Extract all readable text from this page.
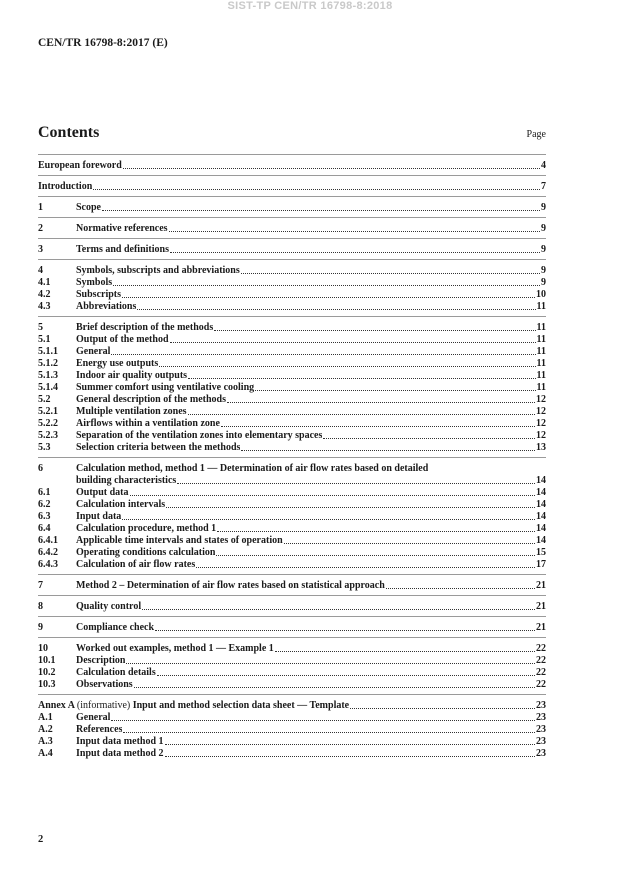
SIST-TP CEN/TR 16798-8:2018
CEN/TR 16798-8:2017 (E)
Contents	Page
European foreword	4
Introduction	7
1	Scope	9
2	Normative references	9
3	Terms and definitions	9
4	Symbols, subscripts and abbreviations	9
4.1	Symbols	9
4.2	Subscripts	10
4.3	Abbreviations	11
5	Brief description of the methods	11
5.1	Output of the method	11
5.1.1	General	11
5.1.2	Energy use outputs	11
5.1.3	Indoor air quality outputs	11
5.1.4	Summer comfort using ventilative cooling	11
5.2	General description of the methods	12
5.2.1	Multiple ventilation zones	12
5.2.2	Airflows within a ventilation zone	12
5.2.3	Separation of the ventilation zones into elementary spaces	12
5.3	Selection criteria between the methods	13
6	Calculation method, method 1 — Determination of air flow rates based on detailed
building characteristics	14
6.1	Output data	14
6.2	Calculation intervals	14
6.3	Input data	14
6.4	Calculation procedure, method 1	14
6.4.1	Applicable time intervals and states of operation	14
6.4.2	Operating conditions calculation	15
6.4.3	Calculation of air flow rates	17
7	Method 2 – Determination of air flow rates based on statistical approach	21
8	Quality control	21
9	Compliance check	21
10	Worked out examples, method 1 — Example 1	22
10.1	Description	22
10.2	Calculation details	22
10.3	Observations	22
Annex A (informative) Input and method selection data sheet — Template	23
A.1	General	23
A.2	References	23
A.3	Input data method 1	23
A.4	Input data method 2	23
2
